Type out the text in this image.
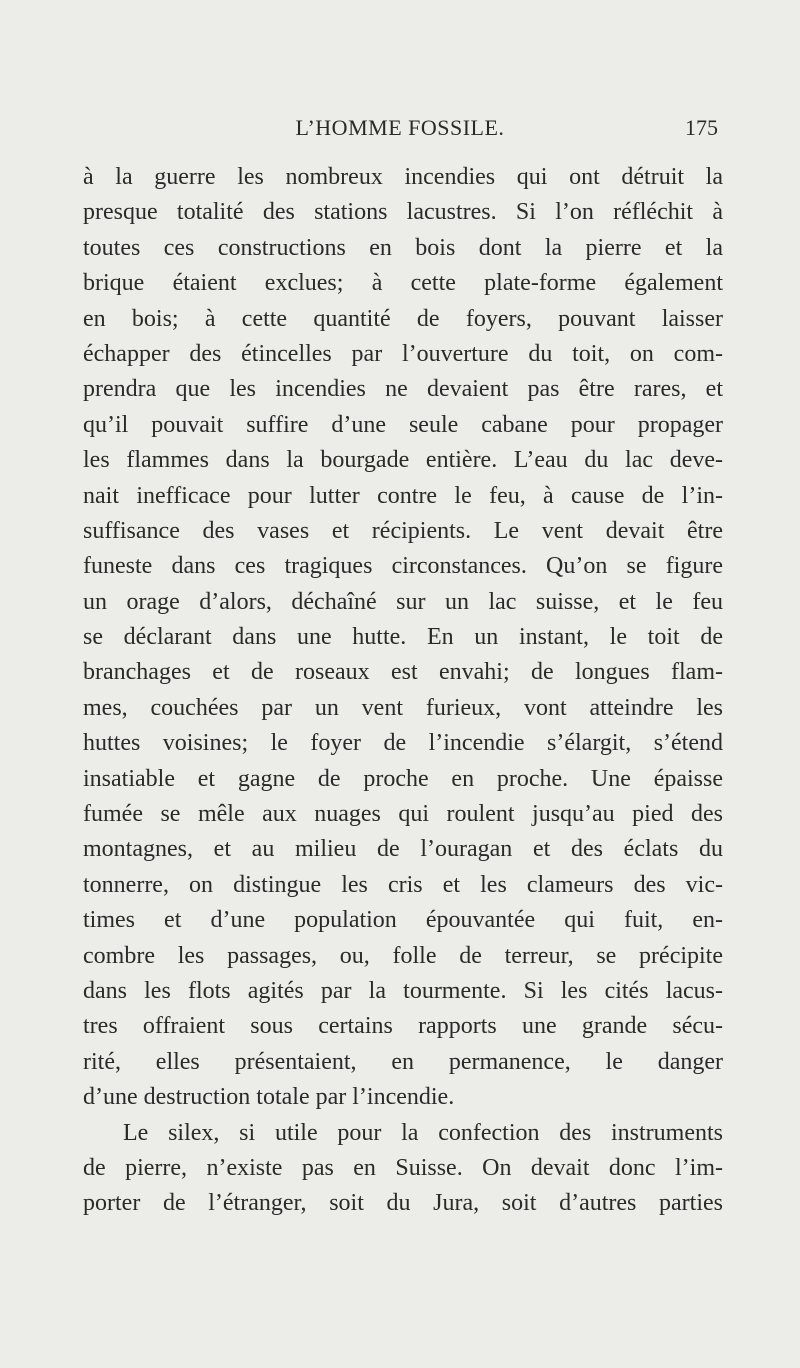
L’HOMME FOSSILE.	175
à la guerre les nombreux incendies qui ont détruit la
presque totalité des stations lacustres. Si l’on réfléchit à
toutes ces constructions en bois dont la pierre et la
brique étaient exclues; à cette plate-forme également
en bois; à cette quantité de foyers, pouvant laisser
échapper des étincelles par l’ouverture du toit, on com-
prendra que les incendies ne devaient pas être rares, et
qu’il pouvait suffire d’une seule cabane pour propager
les flammes dans la bourgade entière. L’eau du lac deve-
nait inefficace pour lutter contre le feu, à cause de l’in-
suffisance des vases et récipients. Le vent devait être
funeste dans ces tragiques circonstances. Qu’on se figure
un orage d’alors, déchaîné sur un lac suisse, et le feu
se déclarant dans une hutte. En un instant, le toit de
branchages et de roseaux est envahi; de longues flam-
mes, couchées par un vent furieux, vont atteindre les
huttes voisines; le foyer de l’incendie s’élargit, s’étend
insatiable et gagne de proche en proche. Une épaisse
fumée se mêle aux nuages qui roulent jusqu’au pied des
montagnes, et au milieu de l’ouragan et des éclats du
tonnerre, on distingue les cris et les clameurs des vic-
times et d’une population épouvantée qui fuit, en-
combre les passages, ou, folle de terreur, se précipite
dans les flots agités par la tourmente. Si les cités lacus-
tres offraient sous certains rapports une grande sécu-
rité, elles présentaient, en permanence, le danger
d’une destruction totale par l’incendie.
Le silex, si utile pour la confection des instruments
de pierre, n’existe pas en Suisse. On devait donc l’im-
porter de l’étranger, soit du Jura, soit d’autres parties
